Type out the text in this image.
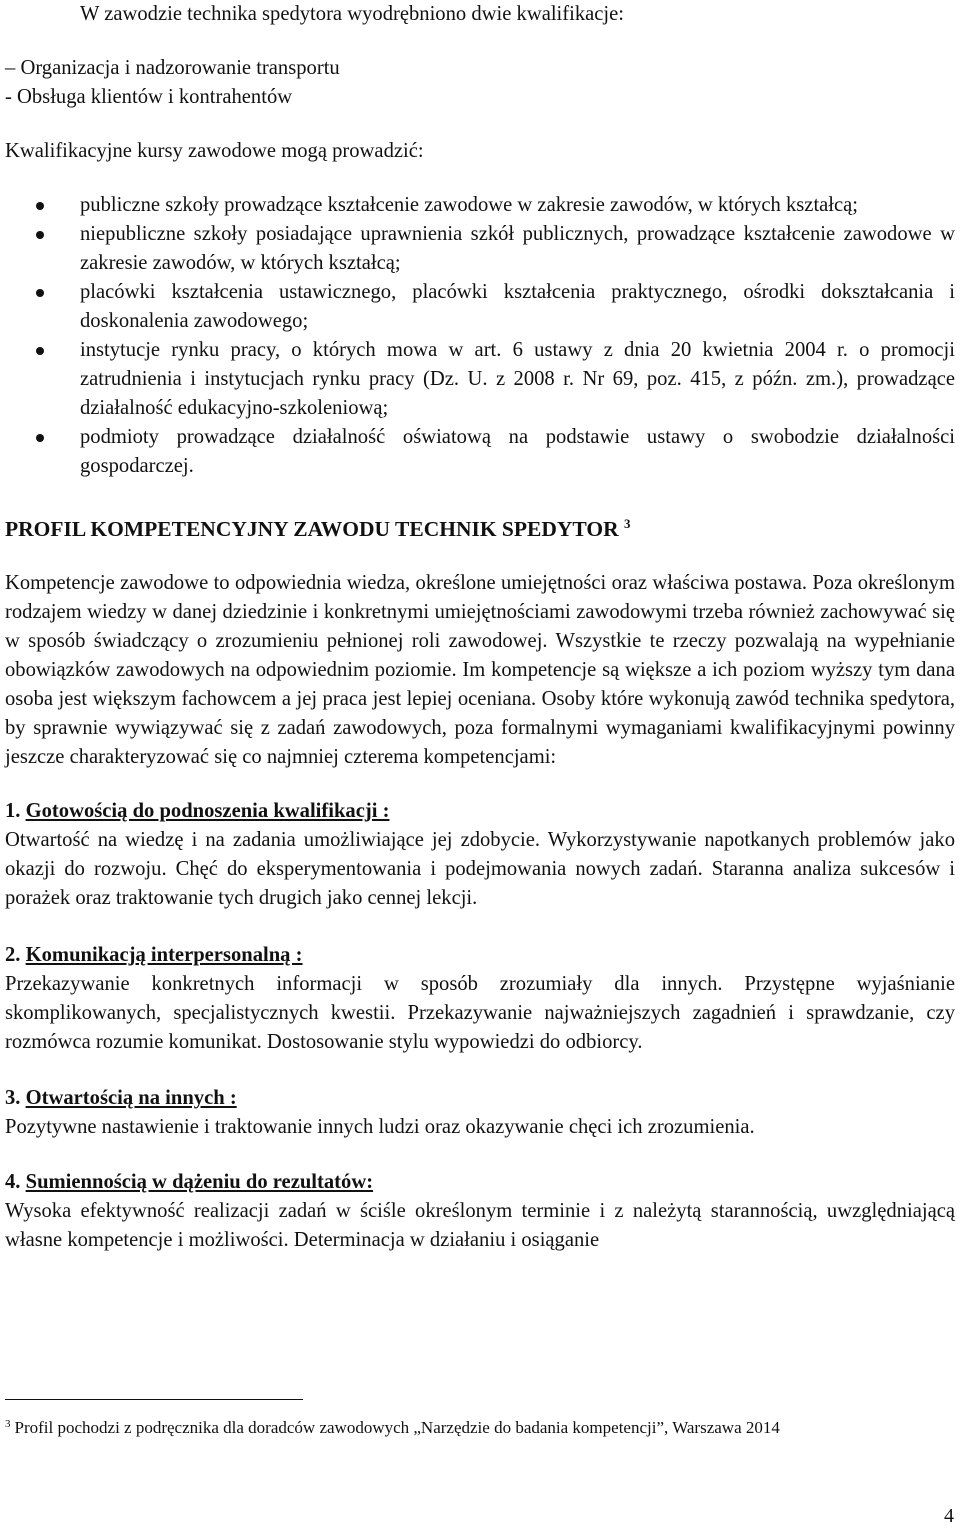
W zawodzie technika spedytora wyodrębniono dwie kwalifikacje:

– Organizacja i nadzorowanie transportu

- Obsługa klientów i kontrahentów

Kwalifikacyjne kursy zawodowe mogą prowadzić:

publiczne szkoły prowadzące kształcenie zawodowe w zakresie zawodów, w których kształcą;
niepubliczne szkoły posiadające uprawnienia szkół publicznych, prowadzące kształcenie zawodowe w zakresie zawodów, w których kształcą;
placówki kształcenia ustawicznego, placówki kształcenia praktycznego, ośrodki dokształcania i doskonalenia zawodowego;
instytucje rynku pracy, o których mowa w art. 6 ustawy z dnia 20 kwietnia 2004 r. o promocji zatrudnienia i instytucjach rynku pracy (Dz. U. z 2008 r. Nr 69, poz. 415, z późn. zm.), prowadzące działalność edukacyjno-szkoleniową;
podmioty prowadzące działalność oświatową na podstawie ustawy o swobodzie działalności gospodarczej.

PROFIL KOMPETENCYJNY ZAWODU TECHNIK SPEDYTOR $^3$

Kompetencje zawodowe to odpowiednia wiedza, określone umiejętności oraz właściwa postawa. Poza określonym rodzajem wiedzy w danej dziedzinie i konkretnymi umiejętnościami zawodowymi trzeba również zachowywać się w sposób świadczący o zrozumieniu pełnionej roli zawodowej. Wszystkie te rzeczy pozwalają na wypełnianie obowiązków zawodowych na odpowiednim poziomie. Im kompetencje są większe a ich poziom wyższy tym dana osoba jest większym fachowcem a jej praca jest lepiej oceniana. Osoby które wykonują zawód technika spedytora, by sprawnie wywiązywać się z zadań zawodowych, poza formalnymi wymaganiami kwalifikacyjnymi powinny jeszcze charakteryzować się co najmniej czterema kompetencjami:

1. Gotowością do podnoszenia kwalifikacji :

Otwartość na wiedzę i na zadania umożliwiające jej zdobycie. Wykorzystywanie napotkanych problemów jako okazji do rozwoju. Chęć do eksperymentowania i podejmowania nowych zadań. Staranna analiza sukcesów i porażek oraz traktowanie tych drugich jako cennej lekcji.

2. Komunikacją interpersonalną :

Przekazywanie konkretnych informacji w sposób zrozumiały dla innych. Przystępne wyjaśnianie skomplikowanych, specjalistycznych kwestii. Przekazywanie najważniejszych zagadnień i sprawdzanie, czy rozmówca rozumie komunikat. Dostosowanie stylu wypowiedzi do odbiorcy.

3. Otwartością na innych :

Pozytywne nastawienie i traktowanie innych ludzi oraz okazywanie chęci ich zrozumienia.

4. Sumiennością w dążeniu do rezultatów:

Wysoka efektywność realizacji zadań w ściśle określonym terminie i z należytą starannością, uwzględniającą własne kompetencje i możliwości. Determinacja w działaniu i osiąganie

$^3$ Profil pochodzi z podręcznika dla doradców zawodowych „Narzędzie do badania kompetencji”, Warszawa 2014
4
